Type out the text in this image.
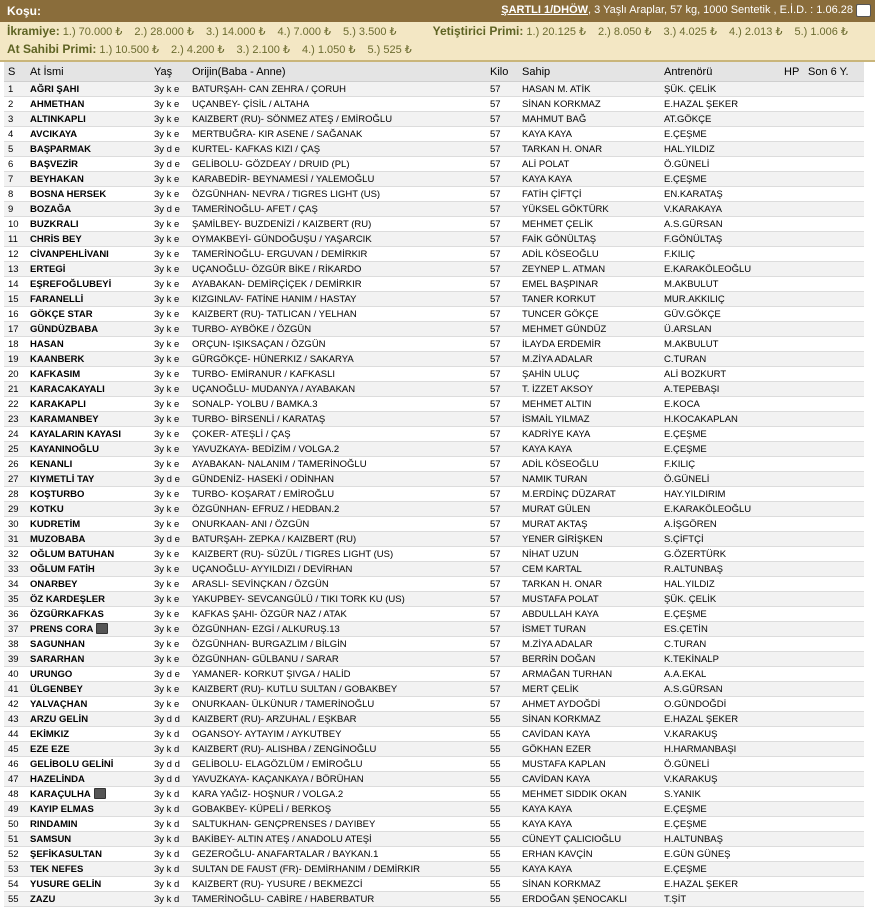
Koşu:	ŞARTLI 1/DHÖW, 3 Yaşlı Araplar, 57 kg, 1000 Sentetik , E.İ.D. : 1.06.28
İkramiye: 1.) 70.000 ₺ 2.) 28.000 ₺ 3.) 14.000 ₺ 4.) 7.000 ₺ 5.) 3.500 ₺	Yetiştirici Primi: 1.) 20.125 ₺ 2.) 8.050 ₺ 3.) 4.025 ₺ 4.) 2.013 ₺ 5.) 1.006 ₺
At Sahibi Primi: 1.) 10.500 ₺ 2.) 4.200 ₺ 3.) 2.100 ₺ 4.) 1.050 ₺ 5.) 525 ₺
S	At İsmi	Yaş	Orijin(Baba - Anne)	Kilo	Sahip	Antrenörü	HP	Son 6 Y.
1	AĞRI ŞAHI	3y k e	BATURŞAH- CAN ZEHRA / ÇORUH	57	HASAN M. ATİK	ŞÜK. ÇELİK		
2	AHMETHAN	3y k e	UÇANBEY- ÇİSİL / ALTAHA	57	SİNAN KORKMAZ	E.HAZAL ŞEKER		
3	ALTINKAPLI	3y k e	KAIZBERT (RU)- SÖNMEZ ATEŞ / EMİROĞLU	57	MAHMUT BAĞ	AT.GÖKÇE		
4	AVCIKAYA	3y k e	MERTBUĞRA- KIR ASENE / SAĞANAK	57	KAYA KAYA	E.ÇEŞME		
5	BAŞPARMAK	3y d e	KURTEL- KAFKAS KIZI / ÇAŞ	57	TARKAN H. ONAR	HAL.YILDIZ		
6	BAŞVEZİR	3y d e	GELİBOLU- GÖZDEAY / DRUID (PL)	57	ALİ POLAT	Ö.GÜNELİ		
7	BEYHAKAN	3y k e	KARABEDİR- BEYNAMESİ / YALEMOĞLU	57	KAYA KAYA	E.ÇEŞME		
8	BOSNA HERSEK	3y k e	ÖZGÜNHAN- NEVRA / TIGRES LIGHT (US)	57	FATİH ÇİFTÇİ	EN.KARATAŞ		
9	BOZAĞA	3y d e	TAMERİNOĞLU- AFET / ÇAŞ	57	YÜKSEL GÖKTÜRK	V.KARAKAYA		
10	BUZKRALI	3y k e	ŞAMİLBEY- BUZDENİZİ / KAIZBERT (RU)	57	MEHMET ÇELİK	A.S.GÜRSAN		
11	CHRİS BEY	3y k e	OYMAKBEYİ- GÜNDOĞUŞU / YAŞARCIK	57	FAİK GÖNÜLTAŞ	F.GÖNÜLTAŞ		
12	CİVANPEHLİVANI	3y k e	TAMERİNOĞLU- ERGUVAN / DEMİRKIR	57	ADİL KÖSEOĞLU	F.KILIÇ		
13	ERTEGİ	3y k e	UÇANOĞLU- ÖZGÜR BİKE / RİKARDO	57	ZEYNEP L. ATMAN	E.KARAKÖLEOĞLU		
14	EŞREFOĞLUBEYİ	3y k e	AYABAKAN- DEMİRÇİÇEK / DEMİRKIR	57	EMEL BAŞPINAR	M.AKBULUT		
15	FARANELLİ	3y k e	KIZGINLAV- FATİNE HANIM / HASTAY	57	TANER KORKUT	MUR.AKKILIÇ		
16	GÖKÇE STAR	3y k e	KAIZBERT (RU)- TATLICAN / YELHAN	57	TUNCER GÖKÇE	GÜV.GÖKÇE		
17	GÜNDÜZBABA	3y k e	TURBO- AYBÖKE / ÖZGÜN	57	MEHMET GÜNDÜZ	Ü.ARSLAN		
18	HASAN	3y k e	ORÇUN- IŞIKSAÇAN / ÖZGÜN	57	İLAYDA ERDEMİR	M.AKBULUT		
19	KAANBERK	3y k e	GÜRGÖKÇE- HÜNERKIZ / SAKARYA	57	M.ZİYA ADALAR	C.TURAN		
20	KAFKASIM	3y k e	TURBO- EMİRANUR / KAFKASLI	57	ŞAHİN ULUÇ	ALİ BOZKURT		
21	KARACAKAYALI	3y k e	UÇANOĞLU- MUDANYA / AYABAKAN	57	T. İZZET AKSOY	A.TEPEBAŞI		
22	KARAKAPLI	3y k e	SONALP- YOLBU / BAMKA.3	57	MEHMET ALTIN	E.KOCA		
23	KARAMANBEY	3y k e	TURBO- BİRSENLİ / KARATAŞ	57	İSMAİL YILMAZ	H.KOCAKAPLAN		
24	KAYALARIN KAYASI	3y k e	ÇOKER- ATEŞLİ / ÇAŞ	57	KADRİYE KAYA	E.ÇEŞME		
25	KAYANINOĞLU	3y k e	YAVUZKAYA- BEDİZİM / VOLGA.2	57	KAYA KAYA	E.ÇEŞME		
26	KENANLI	3y k e	AYABAKAN- NALANIM / TAMERİNOĞLU	57	ADİL KÖSEOĞLU	F.KILIÇ		
27	KIYMETLİ TAY	3y d e	GÜNDENİZ- HASEKİ / ODİNHAN	57	NAMIK TURAN	Ö.GÜNELİ		
28	KOŞTURBO	3y k e	TURBO- KOŞARAT / EMİROĞLU	57	M.ERDİNÇ DÜZARAT	HAY.YILDIRIM		
29	KOTKU	3y k e	ÖZGÜNHAN- EFRUZ / HEDBAN.2	57	MURAT GÜLEN	E.KARAKÖLEOĞLU		
30	KUDRETİM	3y k e	ONURKAAN- ANI / ÖZGÜN	57	MURAT AKTAŞ	A.İŞGÖREN		
31	MUZOBABA	3y d e	BATURŞAH- ZEPKA / KAIZBERT (RU)	57	YENER GİRİŞKEN	S.ÇİFTÇİ		
32	OĞLUM BATUHAN	3y k e	KAIZBERT (RU)- SÜZÜL / TIGRES LIGHT (US)	57	NİHAT UZUN	G.ÖZERTÜRK		
33	OĞLUM FATİH	3y k e	UÇANOĞLU- AYYILDIZI / DEVİRHAN	57	CEM KARTAL	R.ALTUNBAŞ		
34	ONARBEY	3y k e	ARASLI- SEVİNÇKAN / ÖZGÜN	57	TARKAN H. ONAR	HAL.YILDIZ		
35	ÖZ KARDEŞLER	3y k e	YAKUPBEY- SEVCANGÜLÜ / TIKI TORK KU (US)	57	MUSTAFA POLAT	ŞÜK. ÇELİK		
36	ÖZGÜRKAFKAS	3y k e	KAFKAS ŞAHI- ÖZGÜR NAZ / ATAK	57	ABDULLAH KAYA	E.ÇEŞME		
37	PRENS CORA	3y k e	ÖZGÜNHAN- EZGİ / ALKURUŞ.13	57	İSMET TURAN	ES.ÇETİN		
38	SAGUNHAN	3y k e	ÖZGÜNHAN- BURGAZLIM / BİLGİN	57	M.ZİYA ADALAR	C.TURAN		
39	SARARHAN	3y k e	ÖZGÜNHAN- GÜLBANU / SARAR	57	BERRİN DOĞAN	K.TEKİNALP		
40	URUNGO	3y d e	YAMANER- KORKUT ŞIVGA / HALİD	57	ARMAĞAN TURHAN	A.A.EKAL		
41	ÜLGENBEY	3y k e	KAIZBERT (RU)- KUTLU SULTAN / GOBAKBEY	57	MERT ÇELİK	A.S.GÜRSAN		
42	YALVAÇHAN	3y k e	ONURKAAN- ÜLKÜNUR / TAMERİNOĞLU	57	AHMET AYDOĞDİ	O.GÜNDOĞDİ		
43	ARZU GELİN	3y d d	KAIZBERT (RU)- ARZUHAL / EŞKBAR	55	SİNAN KORKMAZ	E.HAZAL ŞEKER		
44	EKİMKIZ	3y k d	OGANSOY- AYTAYIM / AYKUTBEY	55	CAVİDAN KAYA	V.KARAKUŞ		
45	EZE EZE	3y k d	KAIZBERT (RU)- ALISHBA / ZENGİNOĞLU	55	GÖKHAN EZER	H.HARMANBAŞI		
46	GELİBOLU GELİNİ	3y d d	GELİBOLU- ELAGÖZLÜM / EMİROĞLU	55	MUSTAFA KAPLAN	Ö.GÜNELİ		
47	HAZELİNDA	3y d d	YAVUZKAYA- KAÇANKAYA / BÖRÜHAN	55	CAVİDAN KAYA	V.KARAKUŞ		
48	KARAÇULHA	3y k d	KARA YAĞIZ- HOŞNUR / VOLGA.2	55	MEHMET SIDDIK OKAN	S.YANIK		
49	KAYIP ELMAS	3y k d	GOBAKBEY- KÜPELİ / BERKOŞ	55	KAYA KAYA	E.ÇEŞME		
50	RINDAMIN	3y k d	SALTUKHAN- GENÇPRENSES / DAYIBEY	55	KAYA KAYA	E.ÇEŞME		
51	SAMSUN	3y k d	BAKİBEY- ALTIN ATEŞ / ANADOLU ATEŞİ	55	CÜNEYT ÇALICIOĞLU	H.ALTUNBAŞ		
52	ŞEFİKASULTAN	3y k d	GEZEROĞLU- ANAFARTALAR / BAYKAN.1	55	ERHAN KAVÇİN	E.GÜN GÜNEŞ		
53	TEK NEFES	3y k d	SULTAN DE FAUST (FR)- DEMİRHANIM / DEMİRKIR	55	KAYA KAYA	E.ÇEŞME		
54	YUSURE GELİN	3y k d	KAIZBERT (RU)- YUSURE / BEKMEZCİ	55	SİNAN KORKMAZ	E.HAZAL ŞEKER		
55	ZAZU	3y k d	TAMERİNOĞLU- CABİRE / HABERBATUR	55	ERDOĞAN ŞENOCAKLI	T.ŞİT		
